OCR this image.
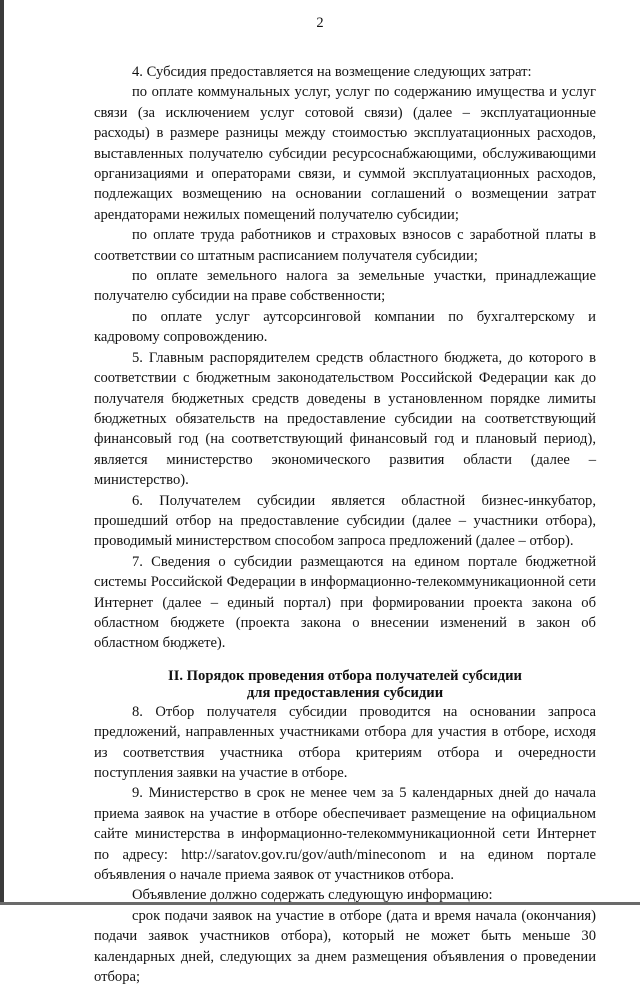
2

4. Субсидия предоставляется на возмещение следующих затрат:

по оплате коммунальных услуг, услуг по содержанию имущества и услуг связи (за исключением услуг сотовой связи) (далее – эксплуатационные расходы) в размере разницы между стоимостью эксплуатационных расходов, выставленных получателю субсидии ресурсоснабжающими, обслуживающими организациями и операторами связи, и суммой эксплуатационных расходов, подлежащих возмещению на основании соглашений о возмещении затрат арендаторами нежилых помещений получателю субсидии;

по оплате труда работников и страховых взносов с заработной платы в соответствии со штатным расписанием получателя субсидии;

по оплате земельного налога за земельные участки, принадлежащие получателю субсидии на праве собственности;

по оплате услуг аутсорсинговой компании по бухгалтерскому и кадровому сопровождению.

5. Главным распорядителем средств областного бюджета, до которого в соответствии с бюджетным законодательством Российской Федерации как до получателя бюджетных средств доведены в установленном порядке лимиты бюджетных обязательств на предоставление субсидии на соответствующий финансовый год (на соответствующий финансовый год и плановый период), является министерство экономического развития области (далее – министерство).

6. Получателем субсидии является областной бизнес-инкубатор, прошедший отбор на предоставление субсидии (далее – участники отбора), проводимый министерством способом запроса предложений (далее – отбор).

7. Сведения о субсидии размещаются на едином портале бюджетной системы Российской Федерации в информационно-телекоммуникационной сети Интернет (далее – единый портал) при формировании проекта закона об областном бюджете (проекта закона о внесении изменений в закон об областном бюджете).

II. Порядок проведения отбора получателей субсидии
для предоставления субсидии

8. Отбор получателя субсидии проводится на основании запроса предложений, направленных участниками отбора для участия в отборе, исходя из соответствия участника отбора критериям отбора и очередности поступления заявки на участие в отборе.

9. Министерство в срок не менее чем за 5 календарных дней до начала приема заявок на участие в отборе обеспечивает размещение на официальном сайте министерства в информационно-телекоммуникационной сети Интернет по адресу: http://saratov.gov.ru/gov/auth/mineconom и на едином портале объявления о начале приема заявок от участников отбора.

Объявление должно содержать следующую информацию:

срок подачи заявок на участие в отборе (дата и время начала (окончания) подачи заявок участников отбора), который не может быть меньше 30 календарных дней, следующих за днем размещения объявления о проведении отбора;
